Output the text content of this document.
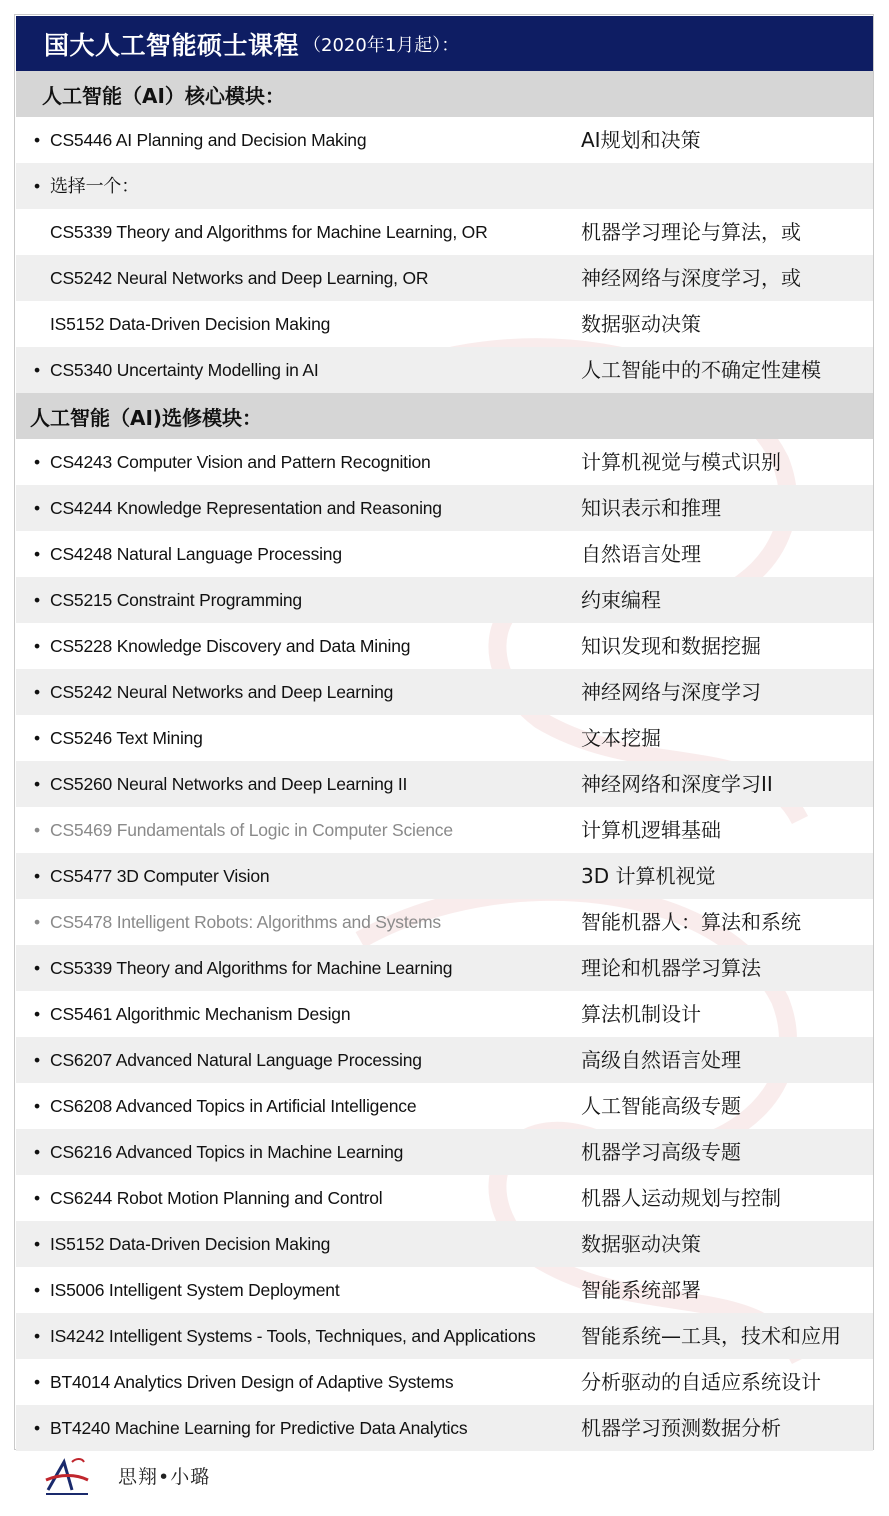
国大人工智能硕士课程 （2020年1月起）：
人工智能（AI）核心模块：
• CS5446 AI Planning and Decision Making	AI规划和决策
• 选择一个：
CS5339 Theory and Algorithms for Machine Learning, OR	机器学习理论与算法，或
CS5242 Neural Networks and Deep Learning, OR	神经网络与深度学习，或
IS5152 Data-Driven Decision Making	数据驱动决策
• CS5340 Uncertainty Modelling in AI	人工智能中的不确定性建模
人工智能（AI)选修模块：
• CS4243 Computer Vision and Pattern Recognition	计算机视觉与模式识别
• CS4244 Knowledge Representation and Reasoning	知识表示和推理
• CS4248 Natural Language Processing	自然语言处理
• CS5215 Constraint Programming	约束编程
• CS5228 Knowledge Discovery and Data Mining	知识发现和数据挖掘
• CS5242 Neural Networks and Deep Learning	神经网络与深度学习
• CS5246 Text Mining	文本挖掘
• CS5260 Neural Networks and Deep Learning II	神经网络和深度学习II
• CS5469 Fundamentals of Logic in Computer Science	计算机逻辑基础
• CS5477 3D Computer Vision	3D 计算机视觉
• CS5478 Intelligent Robots: Algorithms and Systems	智能机器人：算法和系统
• CS5339 Theory and Algorithms for Machine Learning	理论和机器学习算法
• CS5461 Algorithmic Mechanism Design	算法机制设计
• CS6207 Advanced Natural Language Processing	高级自然语言处理
• CS6208 Advanced Topics in Artificial Intelligence	人工智能高级专题
• CS6216 Advanced Topics in Machine Learning	机器学习高级专题
• CS6244 Robot Motion Planning and Control	机器人运动规划与控制
• IS5152 Data-Driven Decision Making	数据驱动决策
• IS5006 Intelligent System Deployment	智能系统部署
• IS4242 Intelligent Systems - Tools, Techniques, and Applications 智能系统—工具，技术和应用
• BT4014 Analytics Driven Design of Adaptive Systems	分析驱动的自适应系统设计
• BT4240 Machine Learning for Predictive Data Analytics	机器学习预测数据分析
思翔•小璐
